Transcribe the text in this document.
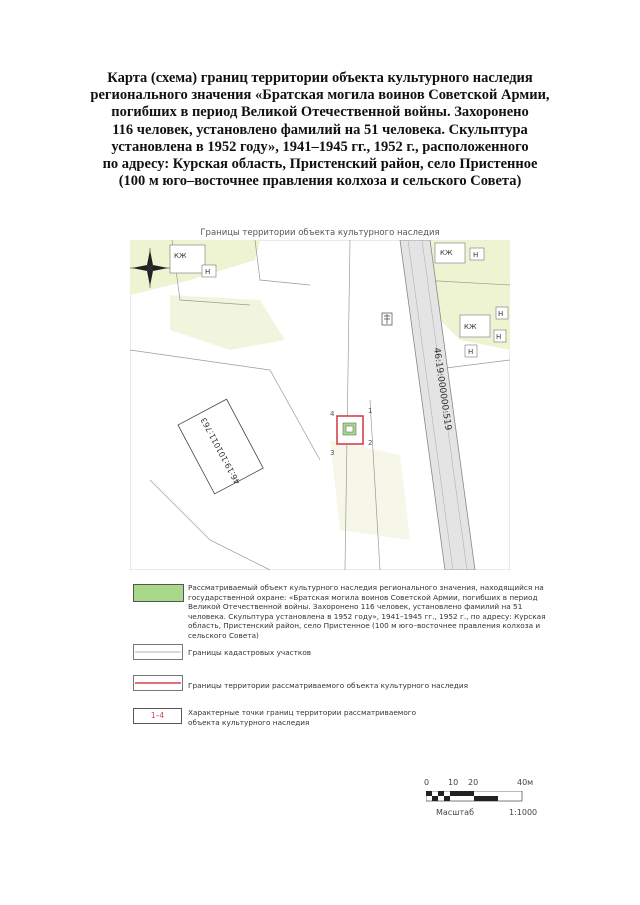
Карта (схема) границ территории объекта культурного наследия
регионального значения «Братская могила воинов Советской Армии,
погибших в период Великой Отечественной войны. Захоронено
116 человек, установлено фамилий на 51 человека. Скульптура
установлена в 1952 году», 1941–1945 гг., 1952 г., расположенного
по адресу: Курская область, Пристенский район, село Пристенное
(100 м юго–восточнее правления колхоза и сельского Совета)
Границы территории объекта культурного наследия
46:19:000000:519
46:19:101011:763
КЖ
Н
КЖ	Н
КЖ
Н
Н
Н
1
2
3
4
Рассматриваемый объект культурного наследия регионального значения, находящийся на государственной охране: «Братская могила воинов Советской Армии, погибших в период Великой Отечественной войны. Захоронено 116 человек, установлено фамилий на 51 человека. Скульптура установлена в 1952 году», 1941–1945 гг., 1952 г., по адресу: Курская область, Пристенский район, село Пристенное (100 м юго–восточнее правления колхоза и сельского Совета)
Границы кадастровых участков
Границы территории рассматриваемого объекта культурного наследия
1–4	Характерные точки границ территории рассматриваемого объекта культурного наследия
0 10 20	40м
Масштаб	1:1000
